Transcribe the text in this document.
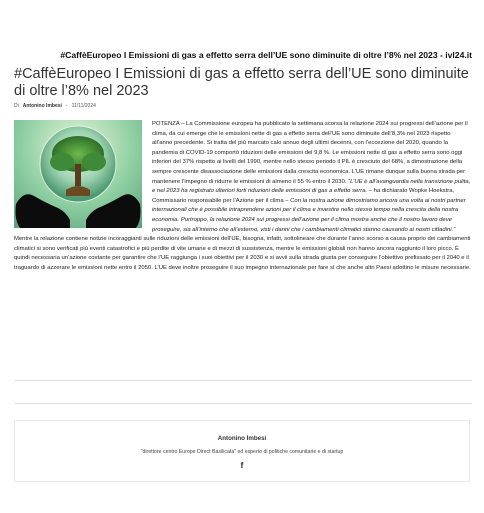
#CaffèEuropeo I Emissioni di gas a effetto serra dell’UE sono diminuite di oltre l’8% nel 2023 - ivl24.it
#CaffèEuropeo I Emissioni di gas a effetto serra dell’UE sono diminuite di oltre l’8% nel 2023
Di Antonino Imbesi - 11/11/2024

POTENZA – La Commissione europea ha pubblicato la settimana scorsa la relazione 2024 sui progressi dell’azione per il clima, da cui emerge che le emissioni nette di gas a effetto serra dell’UE sono diminuite dell’8,3% nel 2023 rispetto all’anno precedente. Si tratta del più marcato calo annuo degli ultimi decenni, con l’eccezione del 2020, quando la pandemia di COVID-19 comportò riduzioni delle emissioni del 9,8 %. Le emissioni nette di gas a effetto serra sono oggi inferiori del 37% rispetto ai livelli del 1990, mentre nello stesso periodo il PIL è cresciuto del 68%, a dimostrazione della sempre crescente disassociazione delle emissioni dalla crescita economica. L’UE rimane dunque sulla buona strada per mantenere l’impegno di ridurre le emissioni di almeno il 55 % entro il 2030. “L’UE è all’avanguardia nella transizione pulita, e nel 2023 ha registrato ulteriori forti riduzioni delle emissioni di gas a effetto serra. – ha dichiarato Wopke Hoekstra, Commissario responsabile per l’Azione per il clima – Con la nostra azione dimostriamo ancora una volta ai nostri partner internazionali che è possibile intraprendere azioni per il clima e investire nello stesso tempo nella crescita della nostra economia. Purtroppo, la relazione 2024 sui progressi dell’azione per il clima mostra anche che il nostro lavoro deve proseguire, sia all’interno che all’esterno, visti i danni che i cambiamenti climatici stanno causando ai nostri cittadini.” Mentre la relazione contiene notizie incoraggianti sulle riduzioni delle emissioni dell’UE, bisogna, infatti, sottolineare che durante l’anno scorso a causa proprio dei cambiamenti climatici si sono verificati più eventi catastrofici e più perdite di vite umane e di mezzi di sussistenza, mentre le emissioni globali non hanno ancora raggiunto il loro picco. È quindi necessaria un’azione costante per garantire che l’UE raggiunga i suoi obiettivi per il 2030 e si avvii sulla strada giusta per conseguire l’obiettivo prefissato per il 2040 e il traguardo di azzerare le emissioni nette entro il 2050. L’UE deve inoltre proseguire il suo impegno internazionale per fare sì che anche altri Paesi adottino le misure necessarie.

Antonino Imbesi
"direttore centro Europe Direct Basilicata" ed esperto di politiche comunitarie e di startup
f
